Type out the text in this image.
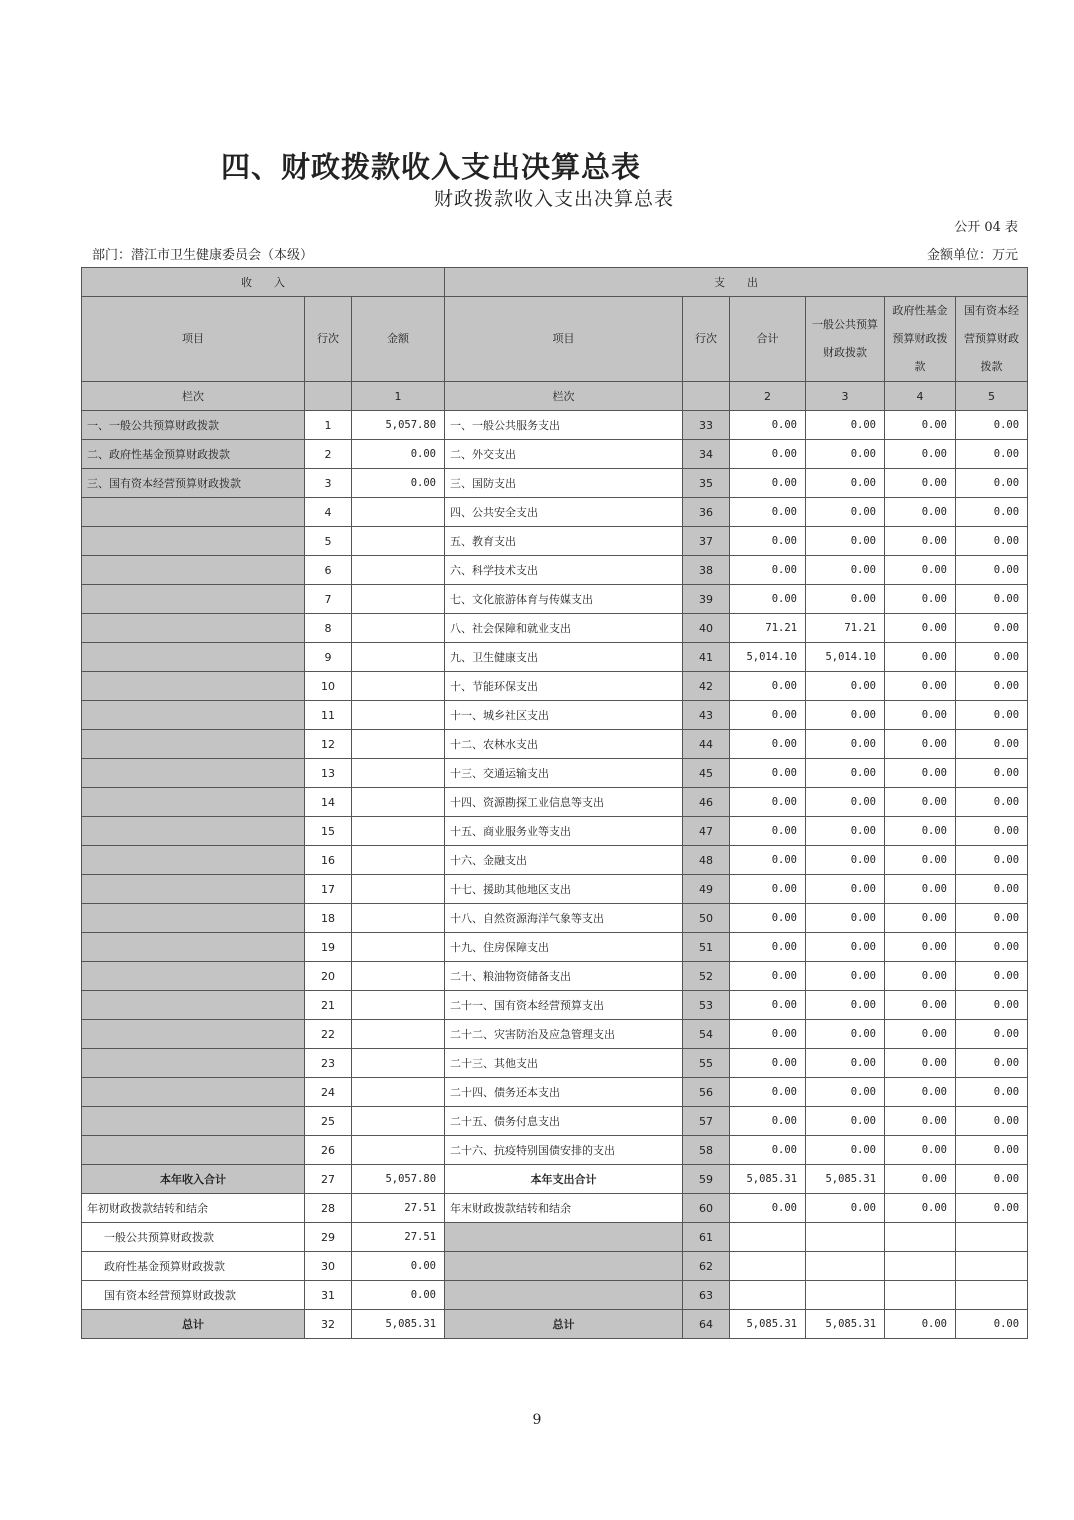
四、财政拨款收入支出决算总表
财政拨款收入支出决算总表
公开 04 表
部门：潜江市卫生健康委员会（本级）	金额单位：万元
收　　入			支　　出					
项目	行次	金额	项目	行次	合计	一般公共预算财政拨款	政府性基金预算财政拨款	国有资本经营预算财政拨款
栏次		1	栏次		2	3	4	5
一、一般公共预算财政拨款	1	5,057.80	一、一般公共服务支出	33	0.00	0.00	0.00	0.00
二、政府性基金预算财政拨款	2	0.00	二、外交支出	34	0.00	0.00	0.00	0.00
三、国有资本经营预算财政拨款	3	0.00	三、国防支出	35	0.00	0.00	0.00	0.00
	4		四、公共安全支出	36	0.00	0.00	0.00	0.00
	5		五、教育支出	37	0.00	0.00	0.00	0.00
	6		六、科学技术支出	38	0.00	0.00	0.00	0.00
	7		七、文化旅游体育与传媒支出	39	0.00	0.00	0.00	0.00
	8		八、社会保障和就业支出	40	71.21	71.21	0.00	0.00
	9		九、卫生健康支出	41	5,014.10	5,014.10	0.00	0.00
	10		十、节能环保支出	42	0.00	0.00	0.00	0.00
	11		十一、城乡社区支出	43	0.00	0.00	0.00	0.00
	12		十二、农林水支出	44	0.00	0.00	0.00	0.00
	13		十三、交通运输支出	45	0.00	0.00	0.00	0.00
	14		十四、资源勘探工业信息等支出	46	0.00	0.00	0.00	0.00
	15		十五、商业服务业等支出	47	0.00	0.00	0.00	0.00
	16		十六、金融支出	48	0.00	0.00	0.00	0.00
	17		十七、援助其他地区支出	49	0.00	0.00	0.00	0.00
	18		十八、自然资源海洋气象等支出	50	0.00	0.00	0.00	0.00
	19		十九、住房保障支出	51	0.00	0.00	0.00	0.00
	20		二十、粮油物资储备支出	52	0.00	0.00	0.00	0.00
	21		二十一、国有资本经营预算支出	53	0.00	0.00	0.00	0.00
	22		二十二、灾害防治及应急管理支出	54	0.00	0.00	0.00	0.00
	23		二十三、其他支出	55	0.00	0.00	0.00	0.00
	24		二十四、债务还本支出	56	0.00	0.00	0.00	0.00
	25		二十五、债务付息支出	57	0.00	0.00	0.00	0.00
	26		二十六、抗疫特别国债安排的支出	58	0.00	0.00	0.00	0.00
本年收入合计	27	5,057.80	本年支出合计	59	5,085.31	5,085.31	0.00	0.00
年初财政拨款结转和结余	28	27.51	年末财政拨款结转和结余	60	0.00	0.00	0.00	0.00
一般公共预算财政拨款	29	27.51		61				
政府性基金预算财政拨款	30	0.00		62				
国有资本经营预算财政拨款	31	0.00		63				
总计	32	5,085.31	总计	64	5,085.31	5,085.31	0.00	0.00
9
